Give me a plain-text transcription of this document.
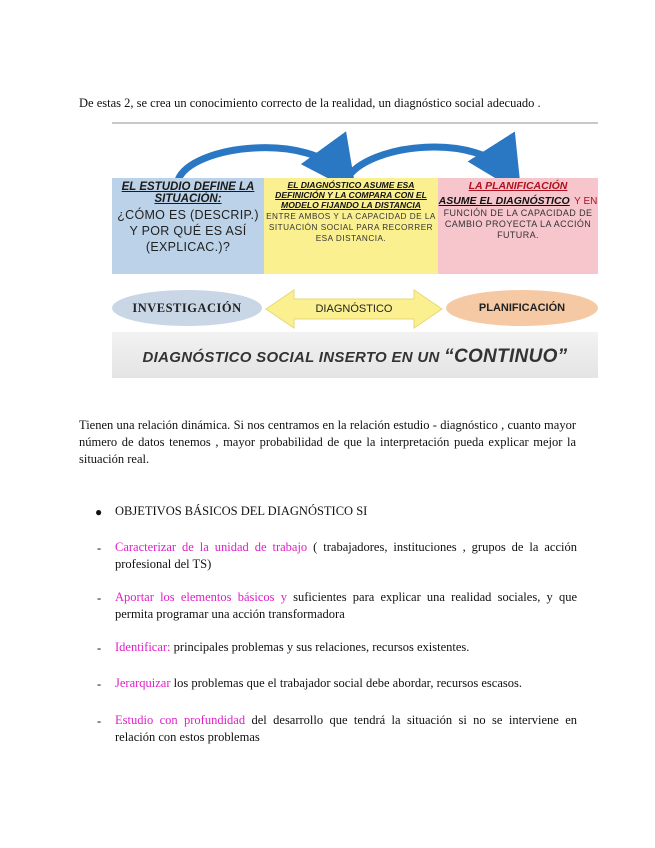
De estas 2, se crea un conocimiento correcto de la realidad, un diagnóstico social adecuado .
EL ESTUDIO DEFINE LA SITUACIÓN:
¿CÓMO ES (DESCRIP.) Y POR QUÉ ES ASÍ (EXPLICAC.)?
EL DIAGNÓSTICO ASUME ESA DEFINICIÓN Y LA COMPARA CON EL MODELO FIJANDO LA DISTANCIA
ENTRE AMBOS Y LA CAPACIDAD DE LA SITUACIÓN SOCIAL PARA RECORRER ESA DISTANCIA.
LA PLANIFICACIÓN
ASUME EL DIAGNÓSTICO Y EN
FUNCIÓN DE LA CAPACIDAD DE CAMBIO PROYECTA LA ACCIÓN FUTURA.
INVESTIGACIÓN	DIAGNÓSTICO	PLANIFICACIÓN
DIAGNÓSTICO SOCIAL INSERTO EN UN “CONTINUO”
Tienen una relación dinámica. Si nos centramos en la relación estudio - diagnóstico , cuanto mayor número de datos tenemos , mayor probabilidad de que la interpretación pueda explicar mejor la situación real.
● OBJETIVOS BÁSICOS DEL DIAGNÓSTICO SI
- Caracterizar de la unidad de trabajo ( trabajadores, instituciones , grupos de la acción profesional del TS)
- Aportar los elementos básicos y suficientes para explicar una realidad sociales, y que permita programar una acción transformadora
- Identificar: principales problemas y sus relaciones, recursos existentes.
- Jerarquizar los problemas que el trabajador social debe abordar, recursos escasos.
- Estudio con profundidad del desarrollo que tendrá la situación si no se interviene en relación con estos problemas
